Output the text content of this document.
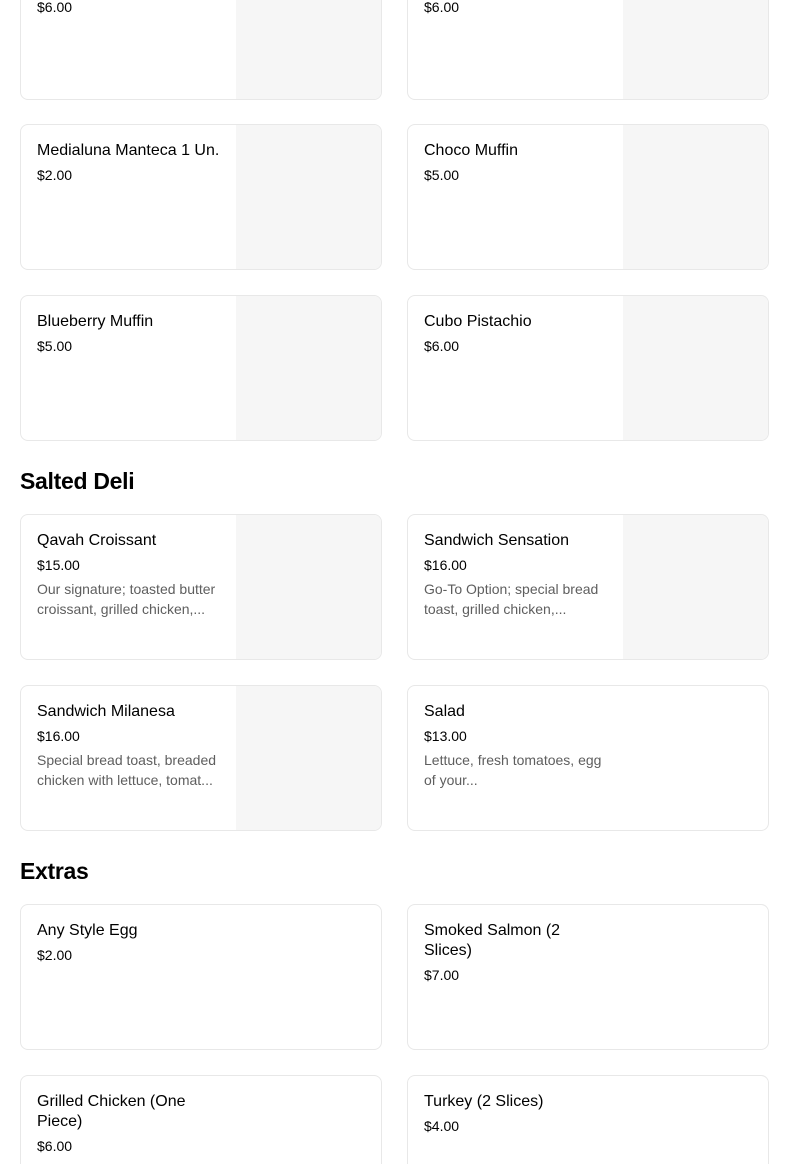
$6.00	$6.00
Medialuna Manteca 1 Un.
$2.00
Choco Muffin
$5.00
Blueberry Muffin
$5.00
Cubo Pistachio
$6.00
Salted Deli
Qavah Croissant
$15.00
Our signature; toasted butter croissant, grilled chicken,...
Sandwich Sensation
$16.00
Go-To Option; special bread toast, grilled chicken,...
Sandwich Milanesa
$16.00
Special bread toast, breaded chicken with lettuce, tomat...
Salad
$13.00
Lettuce, fresh tomatoes, egg of your...
Extras
Any Style Egg
$2.00
Smoked Salmon (2 Slices)
$7.00
Grilled Chicken (One Piece)
$6.00
Turkey (2 Slices)
$4.00
